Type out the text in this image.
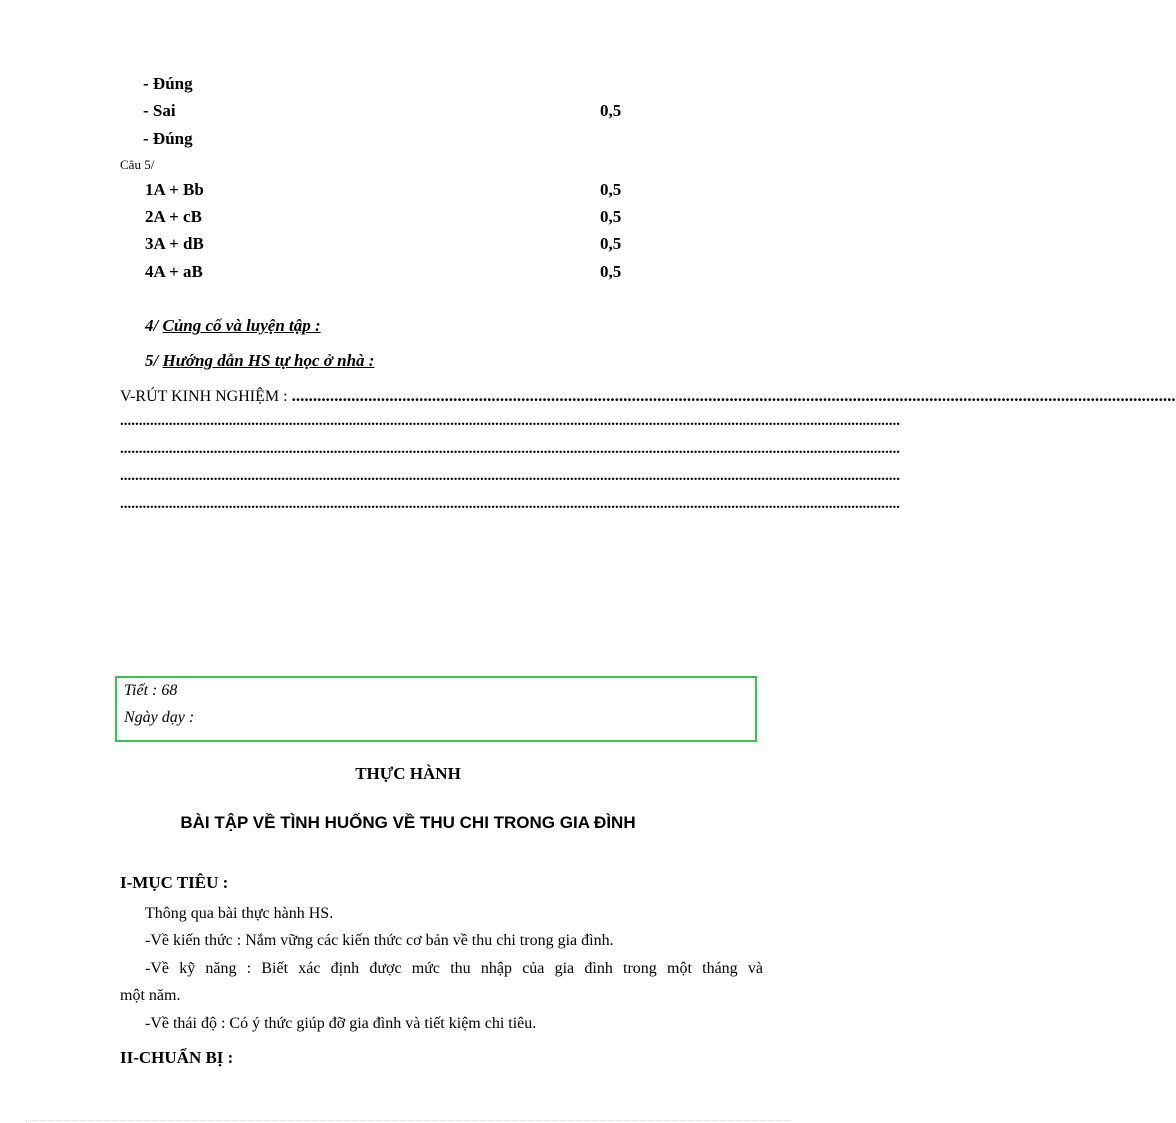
- Đúng
- Sai	0,5
- Đúng
Câu 5/
1A + Bb	0,5
2A + cB	0,5
3A + dB	0,5
4A + aB	0,5
4/ Củng cố và luyện tập :
5/ Hướng dẫn HS tự học ở nhà :
V-RÚT KINH NGHIỆM : ................................................................................................................................................................................................................
................................................................................................................................................................................................................
................................................................................................................................................................................................................
................................................................................................................................................................................................................
................................................................................................................................................................................................................
Tiết : 68
Ngày dạy :
THỰC HÀNH
BÀI TẬP VỀ TÌNH HUỐNG VỀ THU CHI TRONG GIA ĐÌNH
I-MỤC TIÊU :
Thông qua bài thực hành HS.
-Về kiến thức : Nắm vững các kiến thức cơ bản về thu chi trong gia đình.
-Về kỹ năng : Biết xác định được mức thu nhập của gia đình trong một tháng và
một năm.
-Về thái độ : Có ý thức giúp đỡ gia đình và tiết kiệm chi tiêu.
II-CHUẨN BỊ :
